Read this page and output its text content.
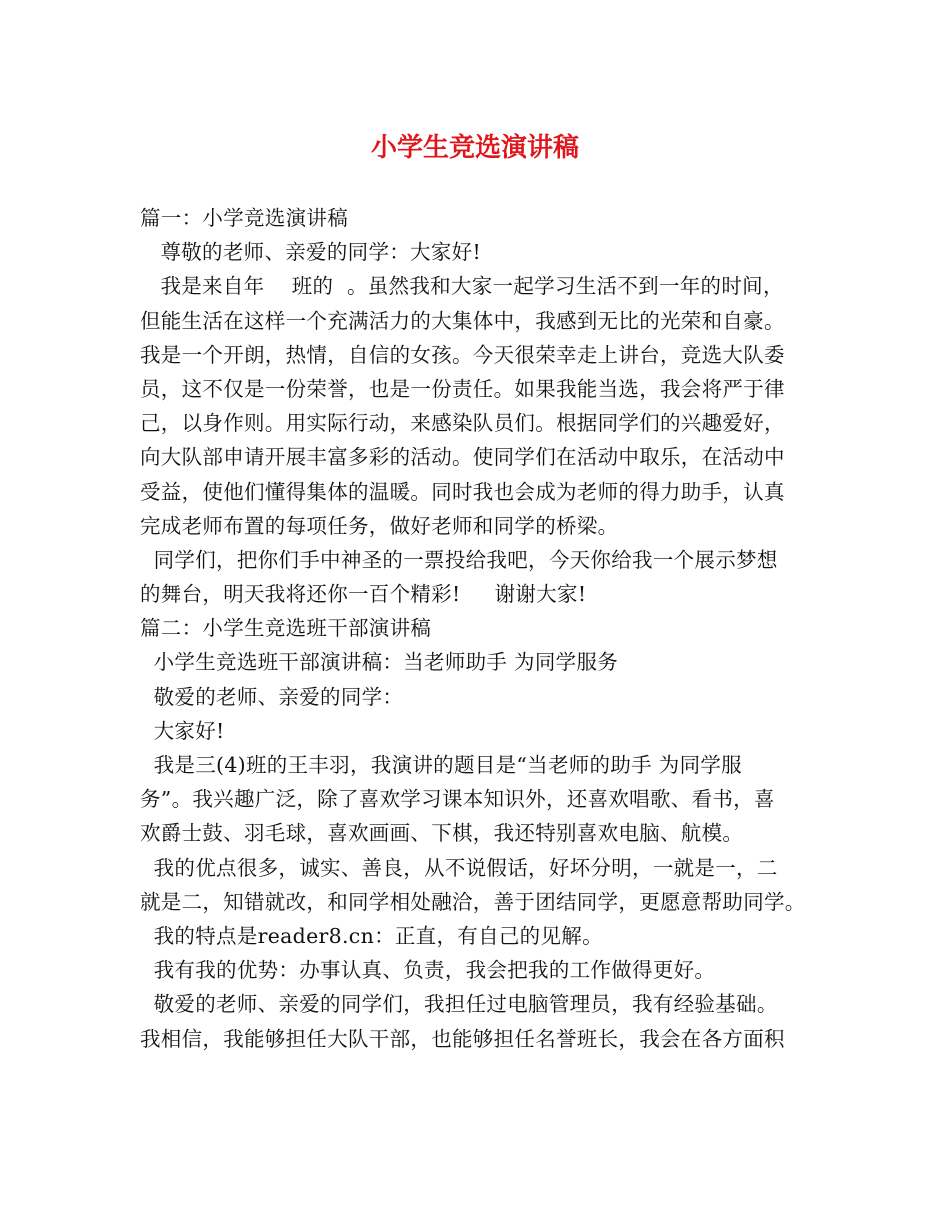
小学生竞选演讲稿
篇一：小学竞选演讲稿
尊敬的老师、亲爱的同学：大家好!
我是来自年    班的  。虽然我和大家一起学习生活不到一年的时间，
但能生活在这样一个充满活力的大集体中，我感到无比的光荣和自豪。
我是一个开朗，热情，自信的女孩。今天很荣幸走上讲台，竞选大队委
员，这不仅是一份荣誉，也是一份责任。如果我能当选，我会将严于律
己，以身作则。用实际行动，来感染队员们。根据同学们的兴趣爱好，
向大队部申请开展丰富多彩的活动。使同学们在活动中取乐，在活动中
受益，使他们懂得集体的温暖。同时我也会成为老师的得力助手，认真
完成老师布置的每项任务，做好老师和同学的桥梁。
同学们，把你们手中神圣的一票投给我吧，今天你给我一个展示梦想
的舞台，明天我将还你一百个精彩!     谢谢大家!
篇二：小学生竞选班干部演讲稿
小学生竞选班干部演讲稿：当老师助手 为同学服务
敬爱的老师、亲爱的同学：
大家好!
我是三(4)班的王丰羽，我演讲的题目是“当老师的助手 为同学服
务”。我兴趣广泛，除了喜欢学习课本知识外，还喜欢唱歌、看书，喜
欢爵士鼓、羽毛球，喜欢画画、下棋，我还特别喜欢电脑、航模。
我的优点很多，诚实、善良，从不说假话，好坏分明，一就是一，二
就是二，知错就改，和同学相处融洽，善于团结同学，更愿意帮助同学。
我的特点是reader8.cn：正直，有自己的见解。
我有我的优势：办事认真、负责，我会把我的工作做得更好。
敬爱的老师、亲爱的同学们，我担任过电脑管理员，我有经验基础。
我相信，我能够担任大队干部，也能够担任名誉班长，我会在各方面积
